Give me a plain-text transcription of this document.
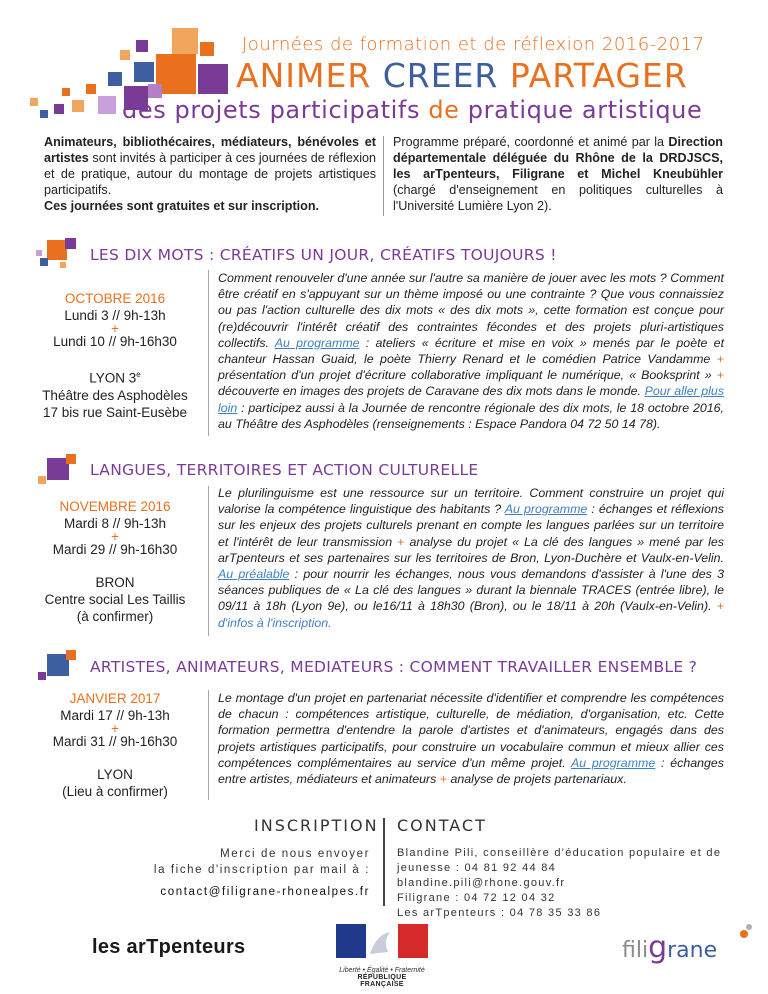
Journées de formation et de réflexion 2016-2017
ANIMER CREER PARTAGER
des projets participatifs de pratique artistique
Animateurs, bibliothécaires, médiateurs, bénévoles et artistes sont invités à participer à ces journées de réflexion et de pratique, autour du montage de projets artistiques participatifs.
Ces journées sont gratuites et sur inscription.
Programme préparé, coordonné et animé par la Direction départementale déléguée du Rhône de la DRDJSCS, les arTpenteurs, Filigrane et Michel Kneubühler (chargé d'enseignement en politiques culturelles à l'Université Lumière Lyon 2).
LES DIX MOTS : CRÉATIFS UN JOUR, CRÉATIFS TOUJOURS !
OCTOBRE 2016
Lundi 3 // 9h-13h
+
Lundi 10 // 9h-16h30
LYON 3e
Théâtre des Asphodèles
17 bis rue Saint-Eusèbe
Comment renouveler d'une année sur l'autre sa manière de jouer avec les mots ? Comment être créatif en s'appuyant sur un thème imposé ou une contrainte ? Que vous connaissiez ou pas l'action culturelle des dix mots « des dix mots », cette formation est conçue pour (re)découvrir l'intérêt créatif des contraintes fécondes et des projets pluri-artistiques collectifs. Au programme : ateliers « écriture et mise en voix » menés par le poète et chanteur Hassan Guaid, le poète Thierry Renard et le comédien Patrice Vandamme + présentation d'un projet d'écriture collaborative impliquant le numérique, « Booksprint » + découverte en images des projets de Caravane des dix mots dans le monde. Pour aller plus loin : participez aussi à la Journée de rencontre régionale des dix mots, le 18 octobre 2016, au Théâtre des Asphodèles (renseignements : Espace Pandora 04 72 50 14 78).
LANGUES, TERRITOIRES ET ACTION CULTURELLE
NOVEMBRE 2016
Mardi 8 // 9h-13h
+
Mardi 29 // 9h-16h30
BRON
Centre social Les Taillis
(à confirmer)
Le plurilinguisme est une ressource sur un territoire. Comment construire un projet qui valorise la compétence linguistique des habitants ? Au programme : échanges et réflexions sur les enjeux des projets culturels prenant en compte les langues parlées sur un territoire et l'intérêt de leur transmission + analyse du projet « La clé des langues » mené par les arTpenteurs et ses partenaires sur les territoires de Bron, Lyon-Duchère et Vaulx-en-Velin. Au préalable : pour nourrir les échanges, nous vous demandons d'assister à l'une des 3 séances publiques de « La clé des langues » durant la biennale TRACES (entrée libre), le 09/11 à 18h (Lyon 9e), ou le16/11 à 18h30 (Bron), ou le 18/11 à 20h (Vaulx-en-Velin). + d'infos à l'inscription.
ARTISTES, ANIMATEURS, MEDIATEURS : COMMENT TRAVAILLER ENSEMBLE ?
JANVIER 2017
Mardi 17 // 9h-13h
+
Mardi 31 // 9h-16h30
LYON
(Lieu à confirmer)
Le montage d'un projet en partenariat nécessite d'identifier et comprendre les compétences de chacun : compétences artistique, culturelle, de médiation, d'organisation, etc. Cette formation permettra d'entendre la parole d'artistes et d'animateurs, engagés dans des projets artistiques participatifs, pour construire un vocabulaire commun et mieux allier ces compétences complémentaires au service d'un même projet. Au programme : échanges entre artistes, médiateurs et animateurs + analyse de projets partenariaux.
INSCRIPTION CONTACT
Merci de nous envoyer
la fiche d'inscription par mail à :
contact@filigrane-rhonealpes.fr
Blandine Pili, conseillère d'éducation populaire et de jeunesse : 04 81 92 44 84 blandine.pili@rhone.gouv.fr
Filigrane : 04 72 12 04 32
Les arTpenteurs : 04 78 35 33 86
les arTpenteurs
Liberté • Égalité • Fraternité
RÉPUBLIQUE FRANÇAISE
filigrane
